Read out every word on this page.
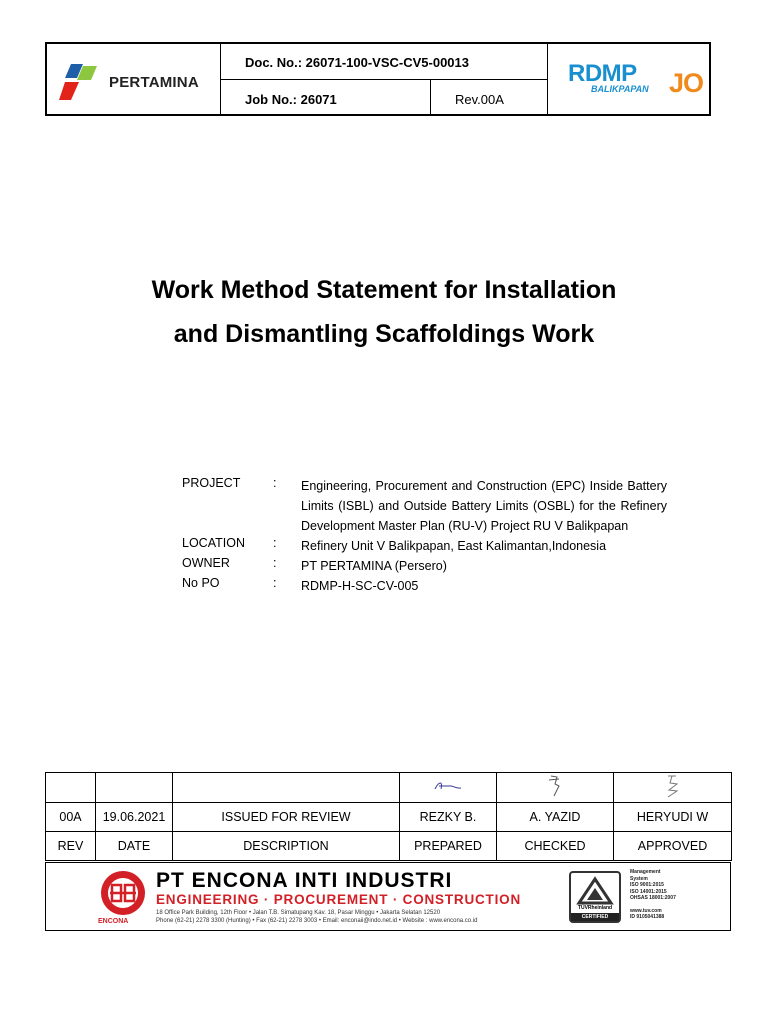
PERTAMINA
Doc. No.: 26071-100-VSC-CV5-00013
Job No.: 26071	Rev.00A
RDMP
BALIKPAPAN JO
Work Method Statement for Installation
and Dismantling Scaffoldings Work
PROJECT	: Engineering, Procurement and Construction (EPC) Inside Battery Limits (ISBL) and Outside Battery Limits (OSBL) for the Refinery Development Master Plan (RU-V) Project RU V Balikpapan
LOCATION : Refinery Unit V Balikpapan, East Kalimantan,Indonesia
OWNER	: PT PERTAMINA (Persero)
No PO	: RDMP-H-SC-CV-005

00A	19.06.2021	ISSUED FOR REVIEW	REZKY B.	A. YAZID	HERYUDI W
REV	DATE	DESCRIPTION	PREPARED	CHECKED	APPROVED
ENCONA
PT ENCONA INTI INDUSTRI
ENGINEERING · PROCUREMENT · CONSTRUCTION
18 Office Park Building, 12th Floor • Jalan T.B. Simatupang Kav. 18, Pasar Minggu • Jakarta Selatan 12520
Phone (62-21) 2278 3300 (Hunting) • Fax (62-21) 2278 3003 • Email: enconaii@indo.net.id • Website : www.encona.co.id
TÜVRheinland
CERTIFIED
Management
System
ISO 9001:2015
ISO 14001:2015
OHSAS 18001:2007
www.tuv.com
ID 9105041388
